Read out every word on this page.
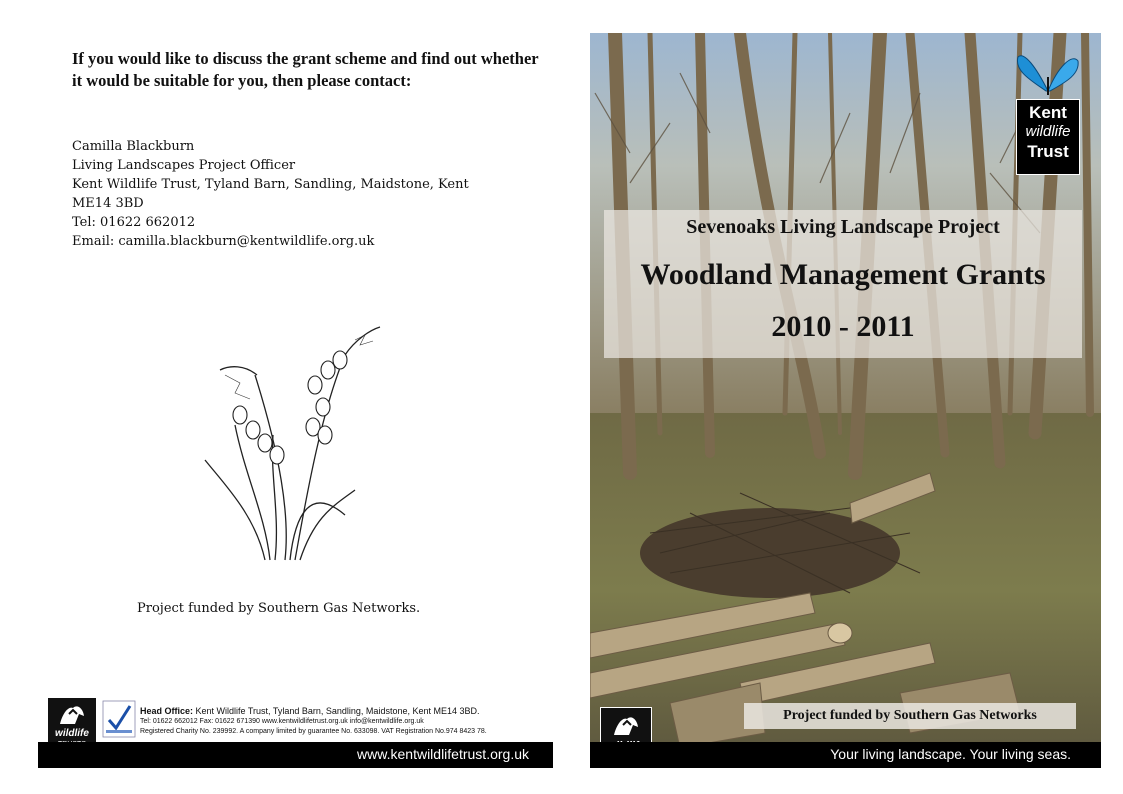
If you would like to discuss the grant scheme and find out whether it would be suitable for you, then please contact:
Camilla Blackburn
Living Landscapes Project Officer
Kent Wildlife Trust, Tyland Barn, Sandling, Maidstone, Kent
ME14 3BD
Tel: 01622 662012
Email: camilla.blackburn@kentwildlife.org.uk
Project funded by Southern Gas Networks.
wildlife
Head Office: Kent Wildlife Trust, Tyland Barn, Sandling, Maidstone, Kent ME14 3BD.
Tel: 01622 662012 Fax: 01622 671390 www.kentwildlifetrust.org.uk info@kentwildlife.org.uk
Registered Charity No. 239992. A company limited by guarantee No. 633098. VAT Registration No.974 8423 78.
www.kentwildlifetrust.org.uk
Kent
wildlife
Trust
Sevenoaks Living Landscape Project
Woodland Management Grants
2010 - 2011
Project funded by Southern Gas Networks
Your living landscape. Your living seas.
